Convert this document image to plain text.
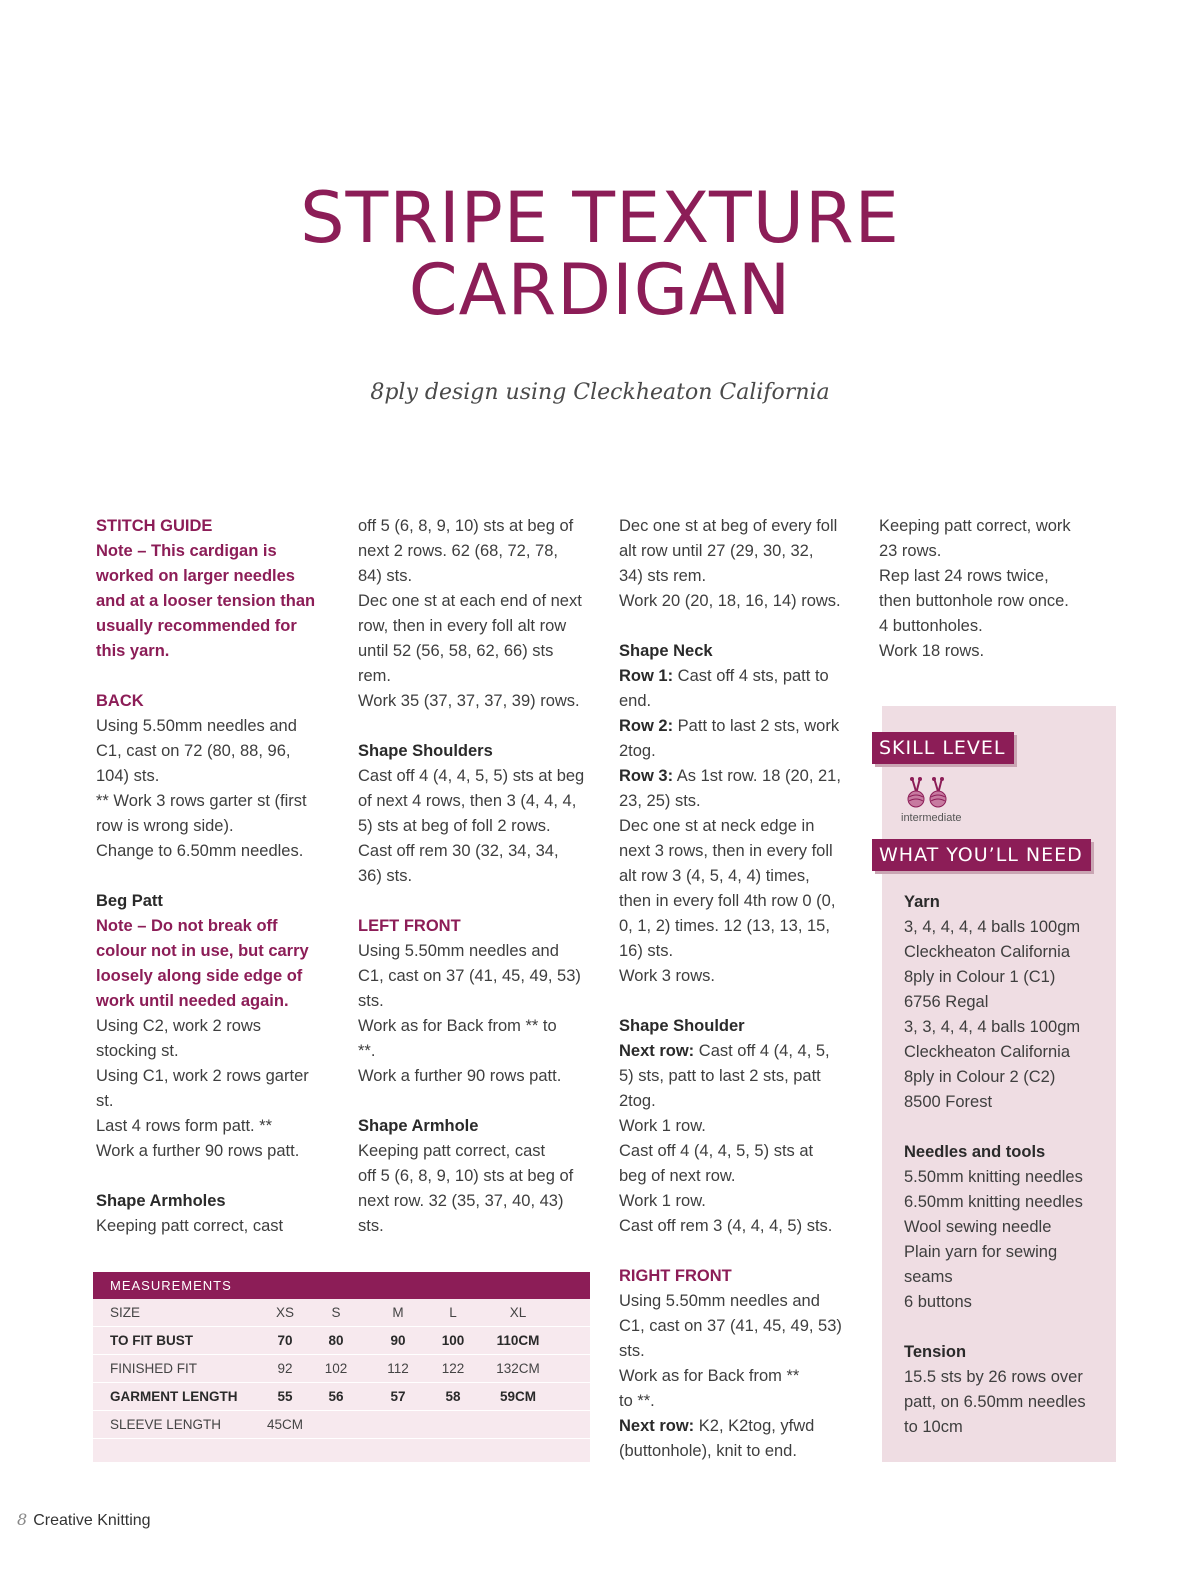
STRIPE TEXTURE
CARDIGAN
8ply design using Cleckheaton California

STITCH GUIDE

Note – This cardigan is

worked on larger needles

and at a looser tension than

usually recommended for

this yarn.

BACK

Using 5.50mm needles and

C1, cast on 72 (80, 88, 96,

104) sts.

** Work 3 rows garter st (first

row is wrong side).

Change to 6.50mm needles.

Beg Patt

Note – Do not break off

colour not in use, but carry

loosely along side edge of

work until needed again.

Using C2, work 2 rows

stocking st.

Using C1, work 2 rows garter

st.

Last 4 rows form patt. **

Work a further 90 rows patt.

Shape Armholes

Keeping patt correct, cast

off 5 (6, 8, 9, 10) sts at beg of

next 2 rows. 62 (68, 72, 78,

84) sts.

Dec one st at each end of next

row, then in every foll alt row

until 52 (56, 58, 62, 66) sts

rem.

Work 35 (37, 37, 37, 39) rows.

Shape Shoulders

Cast off 4 (4, 4, 5, 5) sts at beg

of next 4 rows, then 3 (4, 4, 4,

5) sts at beg of foll 2 rows.

Cast off rem 30 (32, 34, 34,

36) sts.

LEFT FRONT

Using 5.50mm needles and

C1, cast on 37 (41, 45, 49, 53)

sts.

Work as for Back from ** to

**.

Work a further 90 rows patt.

Shape Armhole

Keeping patt correct, cast

off 5 (6, 8, 9, 10) sts at beg of

next row. 32 (35, 37, 40, 43)

sts.

Dec one st at beg of every foll

alt row until 27 (29, 30, 32,

34) sts rem.

Work 20 (20, 18, 16, 14) rows.

Shape Neck

Row 1: Cast off 4 sts, patt to

end.

Row 2: Patt to last 2 sts, work

2tog.

Row 3: As 1st row. 18 (20, 21,

23, 25) sts.

Dec one st at neck edge in

next 3 rows, then in every foll

alt row 3 (4, 5, 4, 4) times,

then in every foll 4th row 0 (0,

0, 1, 2) times. 12 (13, 13, 15,

16) sts.

Work 3 rows.

Shape Shoulder

Next row: Cast off 4 (4, 4, 5,

5) sts, patt to last 2 sts, patt

2tog.

Work 1 row.

Cast off 4 (4, 4, 5, 5) sts at

beg of next row.

Work 1 row.

Cast off rem 3 (4, 4, 4, 5) sts.

RIGHT FRONT

Using 5.50mm needles and

C1, cast on 37 (41, 45, 49, 53)

sts.

Work as for Back from **

to **.

Next row: K2, K2tog, yfwd

(buttonhole), knit to end.

Keeping patt correct, work

23 rows.

Rep last 24 rows twice,

then buttonhole row once.

4 buttonholes.

Work 18 rows.

MEASUREMENTS
SIZE	XS	S	M	L	XL
TO FIT BUST	70	80	90	100	110CM
FINISHED FIT	92	102	112	122	132CM
GARMENT LENGTH	55	56	57	58	59CM
SLEEVE LENGTH	45CM
SKILL LEVEL
intermediate
WHAT YOU’LL NEED

Yarn

3, 4, 4, 4, 4 balls 100gm

Cleckheaton California

8ply in Colour 1 (C1)

6756 Regal

3, 3, 4, 4, 4 balls 100gm

Cleckheaton California

8ply in Colour 2 (C2)

8500 Forest

Needles and tools

5.50mm knitting needles

6.50mm knitting needles

Wool sewing needle

Plain yarn for sewing

seams

6 buttons

Tension

15.5 sts by 26 rows over

patt, on 6.50mm needles

to 10cm

8 Creative Knitting
